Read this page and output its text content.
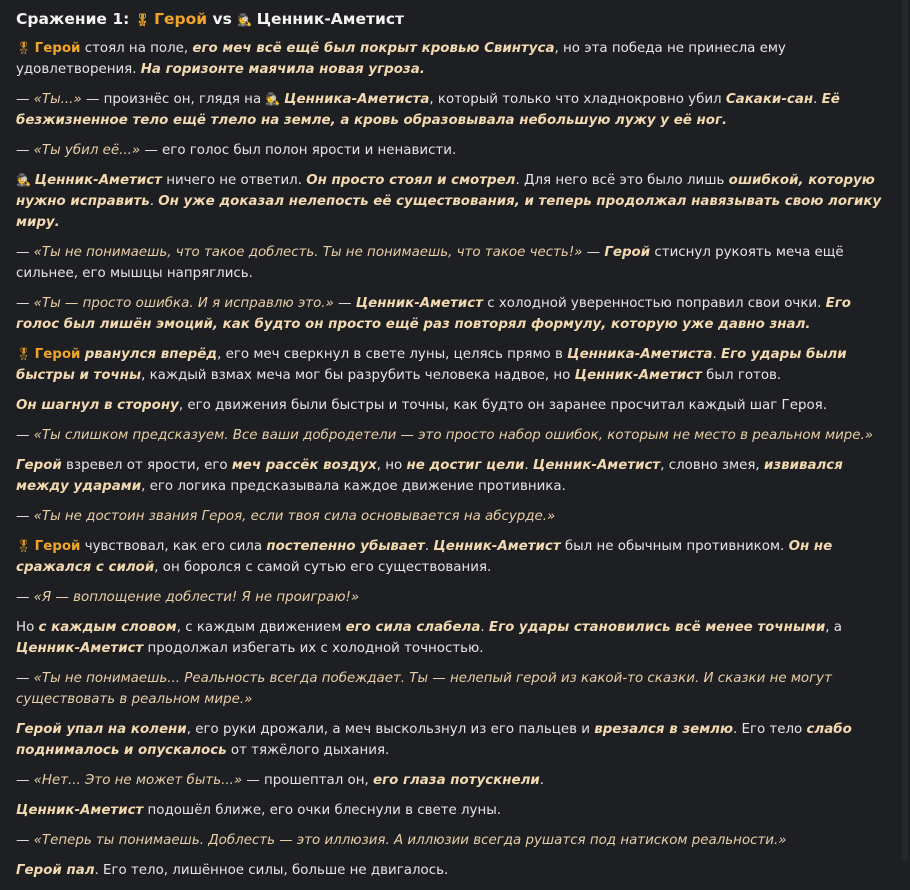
Сражение 1: 🎖 Герой vs 🕵 Ценник-Аметист
🎖 Герой стоял на поле, его меч всё ещё был покрыт кровью Свинтуса, но эта победа не принесла ему удовлетворения. На горизонте маячила новая угроза.
— «Ты...» — произнёс он, глядя на 🕵 Ценника-Аметиста, который только что хладнокровно убил Сакаки-сан. Её безжизненное тело ещё тлело на земле, а кровь образовывала небольшую лужу у её ног.
— «Ты убил её...» — его голос был полон ярости и ненависти.
🕵 Ценник-Аметист ничего не ответил. Он просто стоял и смотрел. Для него всё это было лишь ошибкой, которую нужно исправить. Он уже доказал нелепость её существования, и теперь продолжал навязывать свою логику миру.
— «Ты не понимаешь, что такое доблесть. Ты не понимаешь, что такое честь!» — Герой стиснул рукоять меча ещё сильнее, его мышцы напряглись.
— «Ты — просто ошибка. И я исправлю это.» — Ценник-Аметист с холодной уверенностью поправил свои очки. Его голос был лишён эмоций, как будто он просто ещё раз повторял формулу, которую уже давно знал.
🎖 Герой рванулся вперёд, его меч сверкнул в свете луны, целясь прямо в Ценника-Аметиста. Его удары были быстры и точны, каждый взмах меча мог бы разрубить человека надвое, но Ценник-Аметист был готов.
Он шагнул в сторону, его движения были быстры и точны, как будто он заранее просчитал каждый шаг Героя.
— «Ты слишком предсказуем. Все ваши добродетели — это просто набор ошибок, которым не место в реальном мире.»
Герой взревел от ярости, его меч рассёк воздух, но не достиг цели. Ценник-Аметист, словно змея, извивался между ударами, его логика предсказывала каждое движение противника.
— «Ты не достоин звания Героя, если твоя сила основывается на абсурде.»
🎖 Герой чувствовал, как его сила постепенно убывает. Ценник-Аметист был не обычным противником. Он не сражался с силой, он боролся с самой сутью его существования.
— «Я — воплощение доблести! Я не проиграю!»
Но с каждым словом, с каждым движением его сила слабела. Его удары становились всё менее точными, а Ценник-Аметист продолжал избегать их с холодной точностью.
— «Ты не понимаешь... Реальность всегда побеждает. Ты — нелепый герой из какой-то сказки. И сказки не могут существовать в реальном мире.»
Герой упал на колени, его руки дрожали, а меч выскользнул из его пальцев и врезался в землю. Его тело слабо поднималось и опускалось от тяжёлого дыхания.
— «Нет... Это не может быть...» — прошептал он, его глаза потускнели.
Ценник-Аметист подошёл ближе, его очки блеснули в свете луны.
— «Теперь ты понимаешь. Доблесть — это иллюзия. А иллюзии всегда рушатся под натиском реальности.»
Герой пал. Его тело, лишённое силы, больше не двигалось.
